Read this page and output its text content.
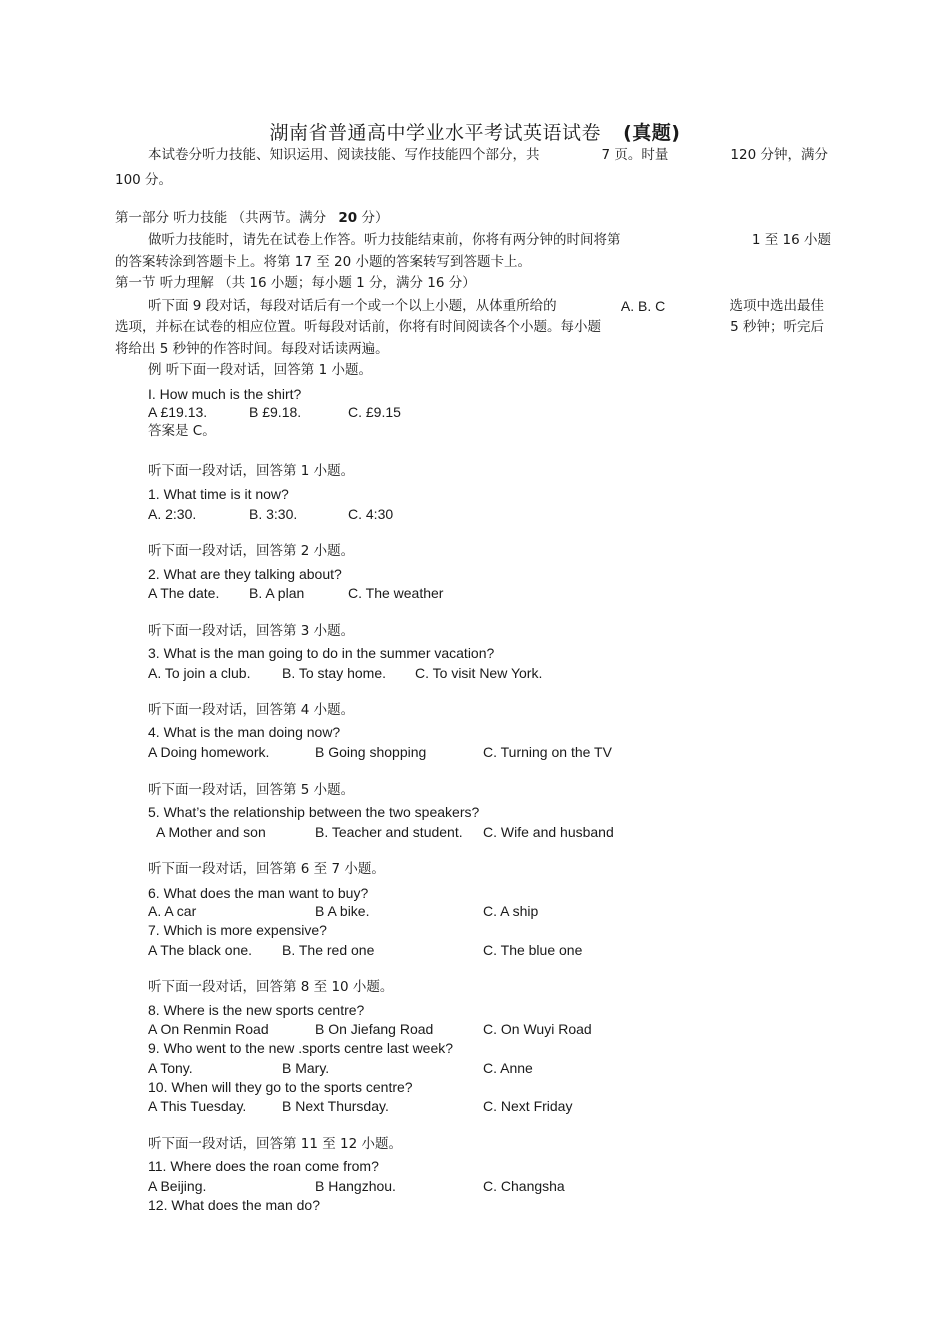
湖南省普通高中学业水平考试英语试卷 (真题)
本试卷分听力技能、知识运用、阅读技能、写作技能四个部分，共	7 页。时量	120 分钟，满分
100 分。
第一部分 听力技能 （共两节。满分 20 分）
做听力技能时，请先在试卷上作答。听力技能结束前，你将有两分钟的时间将第	1 至 16 小题
的答案转涂到答题卡上。将第 17 至 20 小题的答案转写到答题卡上。
第一节 听力理解 （共 16 小题；每小题 1 分，满分 16 分）
听下面 9 段对话，每段对话后有一个或一个以上小题，从体重所给的	A. B. C	选项中选出最佳
选项，并标在试卷的相应位置。听每段对话前，你将有时间阅读各个小题。每小题	5 秒钟；听完后
将给出 5 秒钟的作答时间。每段对话读两遍。
例 听下面一段对话，回答第 1 小题。
I. How much is the shirt?
A £19.13.	B £9.18.	C. £9.15
答案是 C。
听下面一段对话，回答第 1 小题。
1. What time is it now?
A. 2:30.	B. 3:30.	C. 4:30
听下面一段对话，回答第 2 小题。
2. What are they talking about?
A The date. B. A plan	C. The weather
听下面一段对话，回答第 3 小题。
3. What is the man going to do in the summer vacation?
A. To join a club. B. To stay home. C. To visit New York.
听下面一段对话，回答第 4 小题。
4. What is the man doing now?
A Doing homework.	B Going shopping	C. Turning on the TV
听下面一段对话，回答第 5 小题。
5. What’s the relationship between the two speakers?
A Mother and son	B. Teacher and student. C. Wife and husband
听下面一段对话，回答第 6 至 7 小题。
6. What does the man want to buy?
A. A car	B A bike.	C. A ship
7. Which is more expensive?
A The black one. B. The red one	C. The blue one
听下面一段对话，回答第 8 至 10 小题。
8. Where is the new sports centre?
A On Renmin Road	B On Jiefang Road	C. On Wuyi Road
9. Who went to the new .sports centre last week?
A Tony.	B Mary.	C. Anne
10. When will they go to the sports centre?
A This Tuesday.	B Next Thursday.	C. Next Friday
听下面一段对话，回答第 11 至 12 小题。
11. Where does the roan come from?
A Beijing.	B Hangzhou.	C. Changsha
12. What does the man do?
